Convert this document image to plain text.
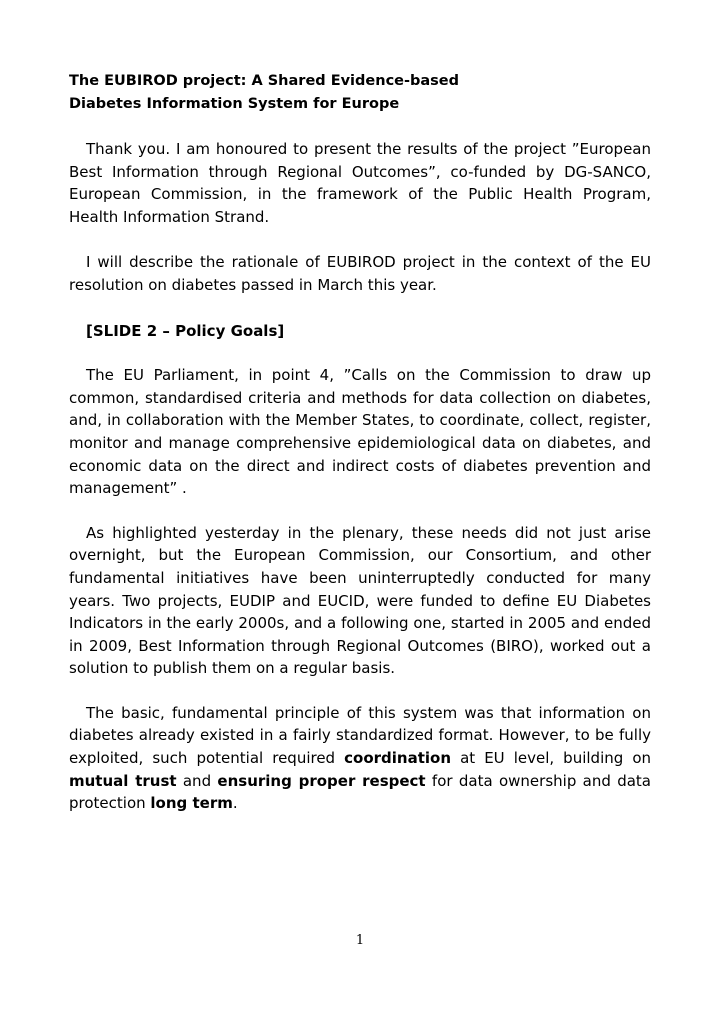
The EUBIROD project: A Shared Evidence-based
Diabetes Information System for Europe

Thank you. I am honoured to present the results of the project ”European Best Information through Regional Outcomes”, co-funded by DG-SANCO, European Commission, in the framework of the Public Health Program, Health Information Strand.

I will describe the rationale of EUBIROD project in the context of the EU resolution on diabetes passed in March this year.

[SLIDE 2 – Policy Goals]

The EU Parliament, in point 4, ”Calls on the Commission to draw up common, standardised criteria and methods for data collection on diabetes, and, in collaboration with the Member States, to coordinate, collect, register, monitor and manage comprehensive epidemiological data on diabetes, and economic data on the direct and indirect costs of diabetes prevention and management” .

As highlighted yesterday in the plenary, these needs did not just arise overnight, but the European Commission, our Consortium, and other fundamental initiatives have been uninterruptedly conducted for many years. Two projects, EUDIP and EUCID, were funded to define EU Diabetes Indicators in the early 2000s, and a following one, started in 2005 and ended in 2009, Best Information through Regional Outcomes (BIRO), worked out a solution to publish them on a regular basis.

The basic, fundamental principle of this system was that information on diabetes already existed in a fairly standardized format. However, to be fully exploited, such potential required coordination at EU level, building on mutual trust and ensuring proper respect for data ownership and data protection long term.

1
